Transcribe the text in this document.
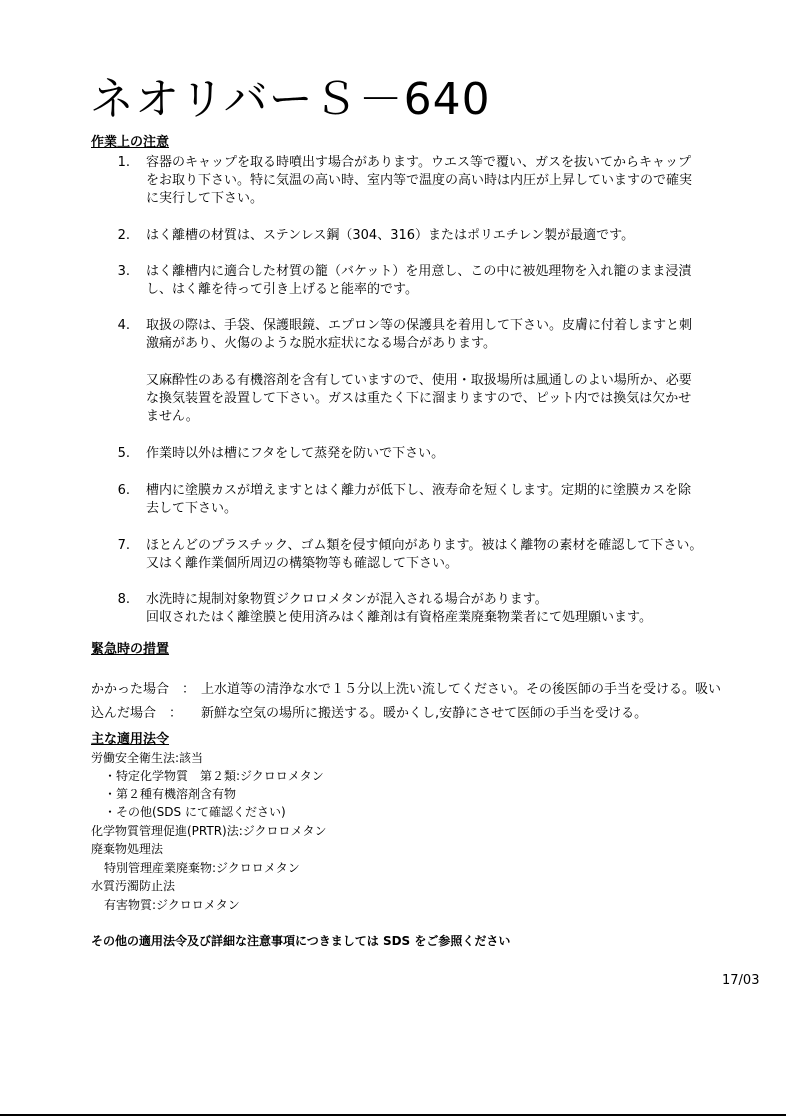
ネオリバーＳ－640
作業上の注意
1. 容器のキャップを取る時噴出す場合があります。ウエス等で覆い、ガスを抜いてからキャップ

をお取り下さい。特に気温の高い時、室内等で温度の高い時は内圧が上昇していますので確実

に実行して下さい。

2. はく離槽の材質は、ステンレス鋼（304、316）またはポリエチレン製が最適です。

3. はく離槽内に適合した材質の籠（バケット）を用意し、この中に被処理物を入れ籠のまま浸漬

し、はく離を待って引き上げると能率的です。

4. 取扱の際は、手袋、保護眼鏡、エプロン等の保護具を着用して下さい。皮膚に付着しますと刺

激痛があり、火傷のような脱水症状になる場合があります。

又麻酔性のある有機溶剤を含有していますので、使用・取扱場所は風通しのよい場所か、必要

な換気装置を設置して下さい。ガスは重たく下に溜まりますので、ピット内では換気は欠かせ

ません。

5. 作業時以外は槽にフタをして蒸発を防いで下さい。

6. 槽内に塗膜カスが増えますとはく離力が低下し、液寿命を短くします。定期的に塗膜カスを除

去して下さい。

7. ほとんどのプラスチック、ゴム類を侵す傾向があります。被はく離物の素材を確認して下さい。

又はく離作業個所周辺の構築物等も確認して下さい。

8. 水洗時に規制対象物質ジクロロメタンが混入される場合があります。

回収されたはく離塗膜と使用済みはく離剤は有資格産業廃棄物業者にて処理願います。

緊急時の措置
かかった場合　： 上水道等の清浄な水で１５分以上洗い流してください。その後医師の手当を受ける。吸い
込んだ場合　： 新鮮な空気の場所に搬送する。暖かくし,安静にさせて医師の手当を受ける。
主な適用法令
労働安全衛生法:該当
・特定化学物質　第２類:ジクロロメタン
・第２種有機溶剤含有物
・その他(SDS にて確認ください)
化学物質管理促進(PRTR)法:ジクロロメタン
廃棄物処理法
特別管理産業廃棄物:ジクロロメタン
水質汚濁防止法
有害物質:ジクロロメタン
その他の適用法令及び詳細な注意事項につきましては SDS をご参照ください
17/03
